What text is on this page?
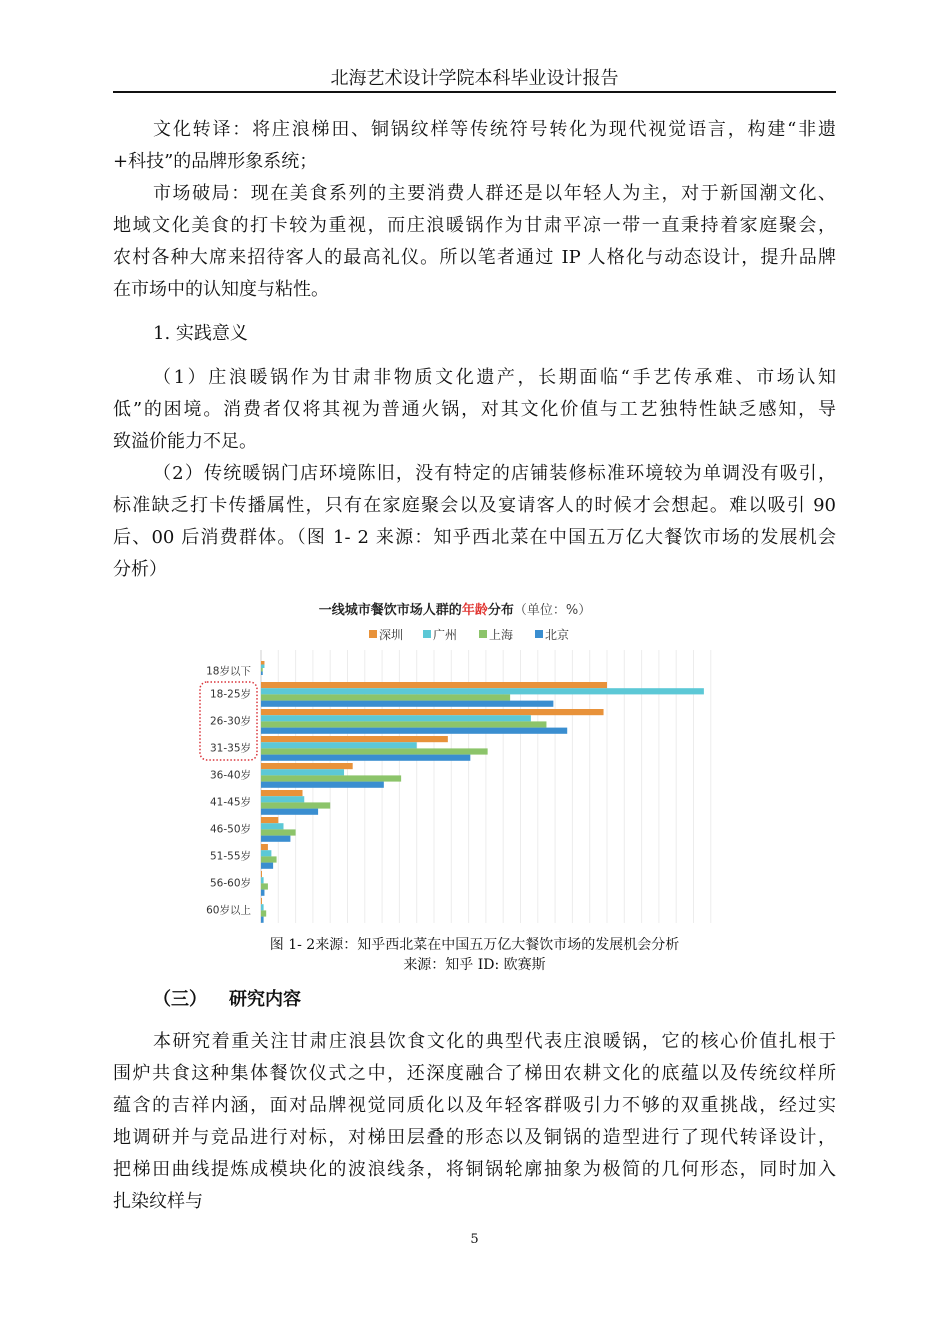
北海艺术设计学院本科毕业设计报告
文化转译：将庄浪梯田、铜锅纹样等传统符号转化为现代视觉语言，构建“非遗
+科技”的品牌形象系统；
市场破局：现在美食系列的主要消费人群还是以年轻人为主，对于新国潮文化、
地域文化美食的打卡较为重视，而庄浪暖锅作为甘肃平凉一带一直秉持着家庭聚会，
农村各种大席来招待客人的最高礼仪。所以笔者通过 IP 人格化与动态设计，提升品牌
在市场中的认知度与粘性。
1. 实践意义
（1）庄浪暖锅作为甘肃非物质文化遗产，长期面临“手艺传承难、市场认知
低”的困境。消费者仅将其视为普通火锅，对其文化价值与工艺独特性缺乏感知，导
致溢价能力不足。
（2）传统暖锅门店环境陈旧，没有特定的店铺装修标准环境较为单调没有吸引，
标准缺乏打卡传播属性，只有在家庭聚会以及宴请客人的时候才会想起。难以吸引 90
后、00 后消费群体。（图 1- 2 来源：知乎西北菜在中国五万亿大餐饮市场的发展机会
分析）
一线城市餐饮市场人群的年龄分布（单位：%）
深圳 广州	上海	北京
18岁以下
18-25岁
26-30岁
31-35岁
36-40岁
41-45岁
46-50岁
51-55岁
56-60岁
60岁以上
图 1- 2来源：知乎西北菜在中国五万亿大餐饮市场的发展机会分析
来源：知乎 ID: 欧赛斯
（三） 研究内容
本研究着重关注甘肃庄浪县饮食文化的典型代表庄浪暖锅，它的核心价值扎根于
围炉共食这种集体餐饮仪式之中，还深度融合了梯田农耕文化的底蕴以及传统纹样所
蕴含的吉祥内涵，面对品牌视觉同质化以及年轻客群吸引力不够的双重挑战，经过实
地调研并与竞品进行对标，对梯田层叠的形态以及铜锅的造型进行了现代转译设计，
把梯田曲线提炼成模块化的波浪线条，将铜锅轮廓抽象为极简的几何形态，同时加入
扎染纹样与
5
